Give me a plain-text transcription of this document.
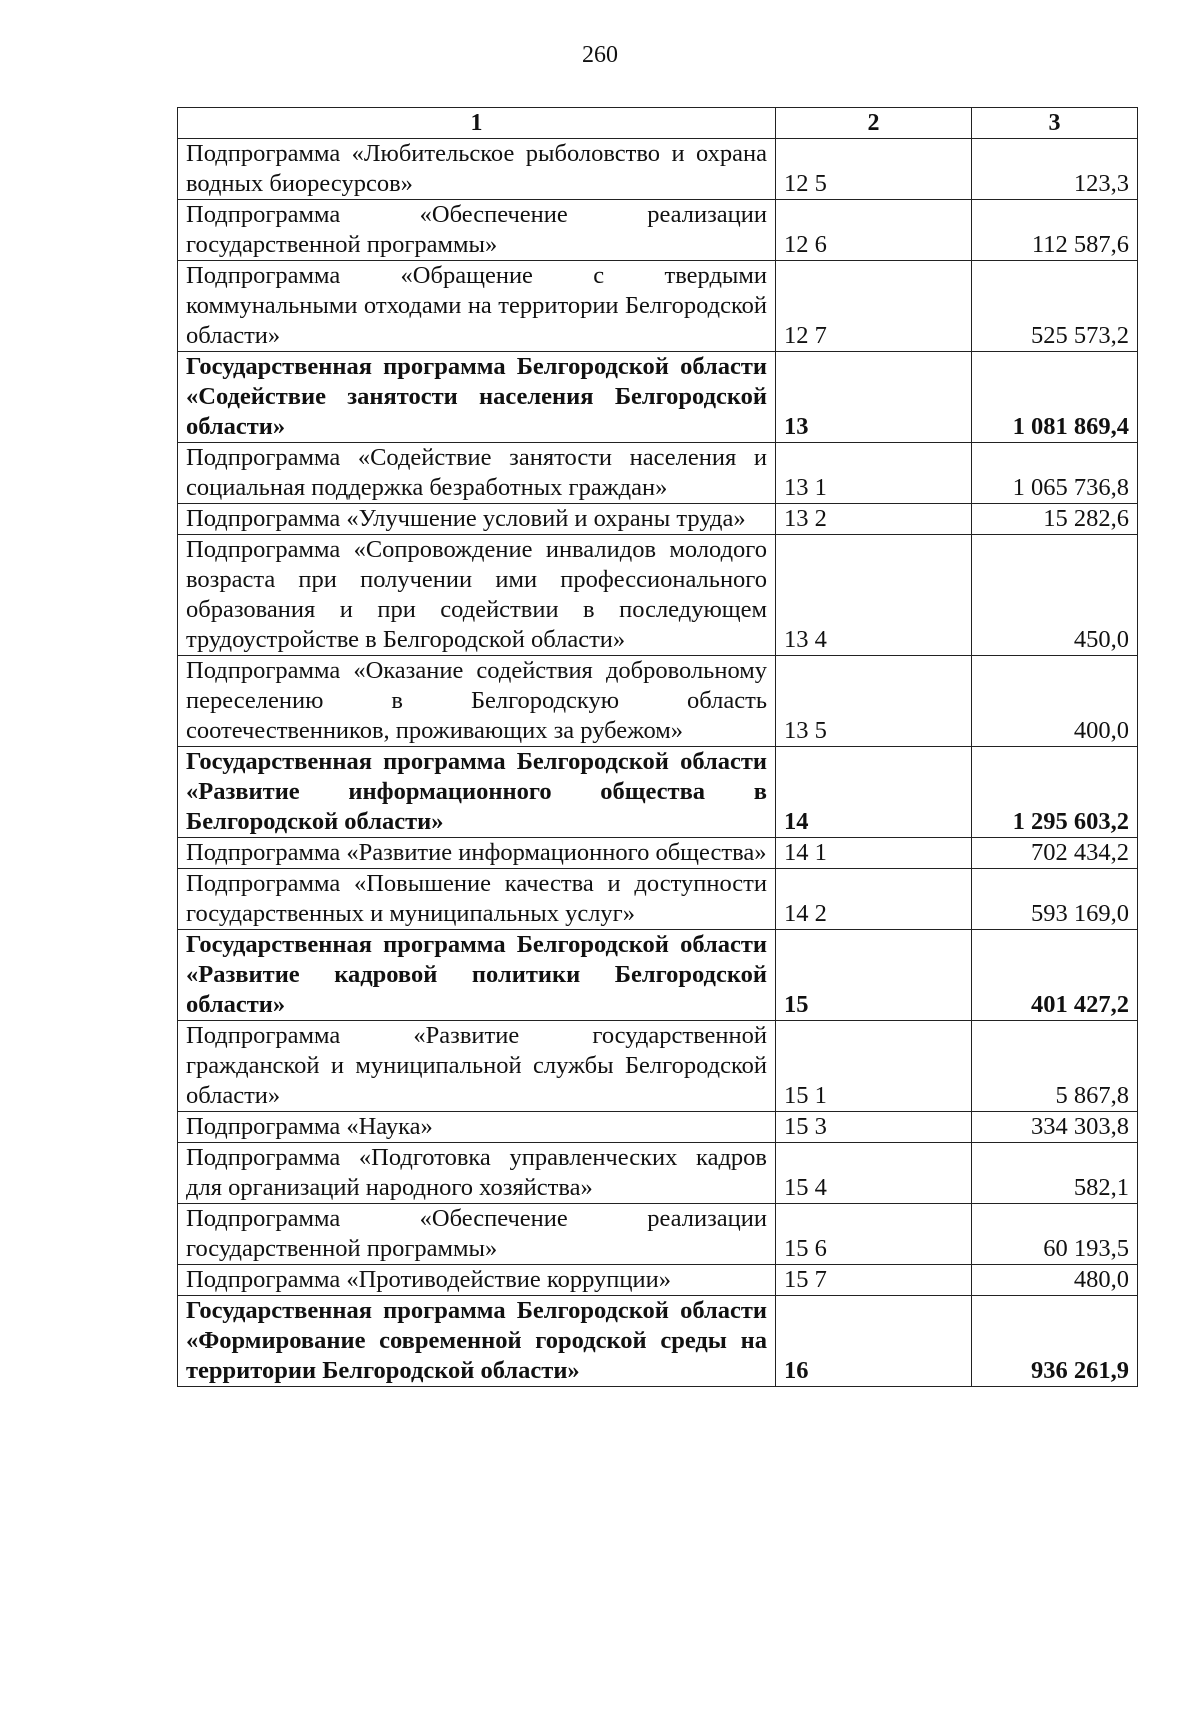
260
1	2	3
Подпрограмма «Любительское рыболовство и охрана водных биоресурсов»	12 5	123,3
Подпрограмма «Обеспечение реализации государственной программы»	12 6	112 587,6
Подпрограмма «Обращение с твердыми коммунальными отходами на территории Белгородской области»	12 7	525 573,2
Государственная программа Белгородской области «Содействие занятости населения Белгородской области»	13	1 081 869,4
Подпрограмма «Содействие занятости населения и социальная поддержка безработных граждан»	13 1	1 065 736,8
Подпрограмма «Улучшение условий и охраны труда»	13 2	15 282,6
Подпрограмма «Сопровождение инвалидов молодого возраста при получении ими профессионального образования и при содействии в последующем трудоустройстве в Белгородской области»	13 4	450,0
Подпрограмма «Оказание содействия добровольному переселению в Белгородскую область соотечественников, проживающих за рубежом»	13 5	400,0
Государственная программа Белгородской области «Развитие информационного общества в Белгородской области»	14	1 295 603,2
Подпрограмма «Развитие информационного общества»	14 1	702 434,2
Подпрограмма «Повышение качества и доступности государственных и муниципальных услуг»	14 2	593 169,0
Государственная программа Белгородской области «Развитие кадровой политики Белгородской области»	15	401 427,2
Подпрограмма «Развитие государственной гражданской и муниципальной службы Белгородской области»	15 1	5 867,8
Подпрограмма «Наука»	15 3	334 303,8
Подпрограмма «Подготовка управленческих кадров для организаций народного хозяйства»	15 4	582,1
Подпрограмма «Обеспечение реализации государственной программы»	15 6	60 193,5
Подпрограмма «Противодействие коррупции»	15 7	480,0
Государственная программа Белгородской области «Формирование современной городской среды на территории Белгородской области»	16	936 261,9
